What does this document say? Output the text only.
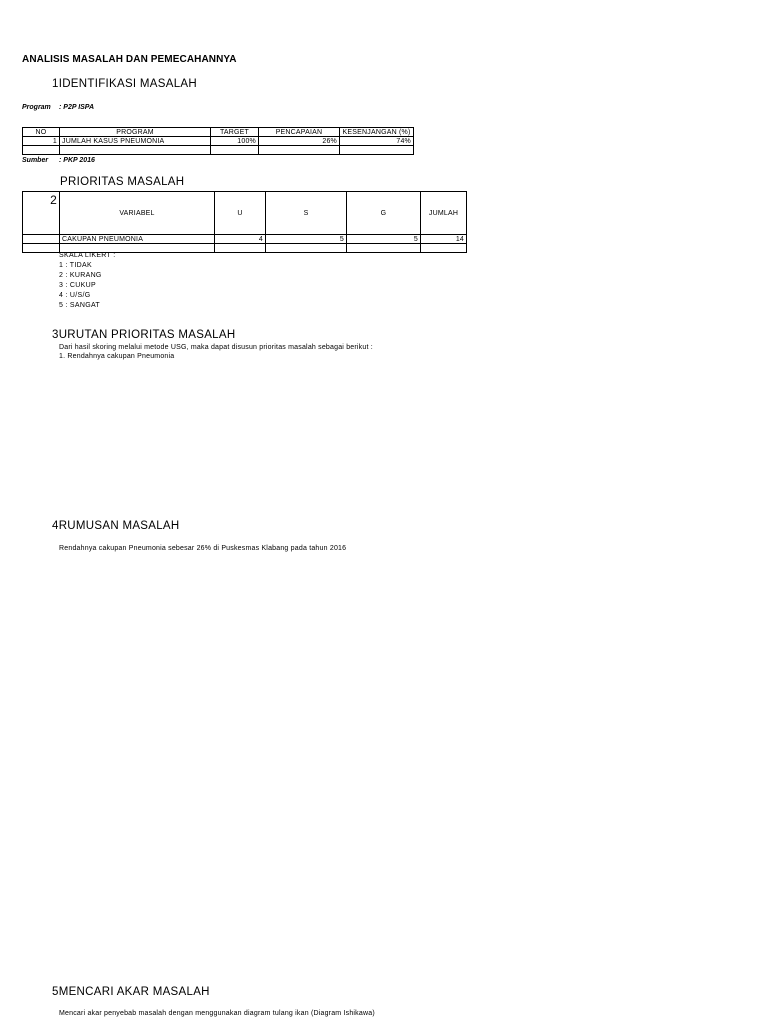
ANALISIS MASALAH DAN PEMECAHANNYA
1IDENTIFIKASI MASALAH
Program : P2P ISPA
NO	PROGRAM	TARGET	PENCAPAIAN	KESENJANGAN (%)
1	JUMLAH KASUS PNEUMONIA	100%	26%	74%

Sumber : PKP 2016
PRIORITAS MASALAH
2	VARIABEL	U	S	G	JUMLAH
	CAKUPAN PNEUMONIA	4	5	5	14

SKALA LIKERT :
1 : TIDAK
2 : KURANG
3 : CUKUP
4 : U/S/G
5 : SANGAT
3URUTAN PRIORITAS MASALAH
Dari hasil skoring melalui metode USG, maka dapat disusun prioritas masalah sebagai berikut :
1. Rendahnya cakupan Pneumonia
4RUMUSAN MASALAH
Rendahnya cakupan Pneumonia sebesar 26% di Puskesmas Klabang pada tahun 2016
5MENCARI AKAR MASALAH
Mencari akar penyebab masalah dengan menggunakan diagram tulang ikan (Diagram Ishikawa)
